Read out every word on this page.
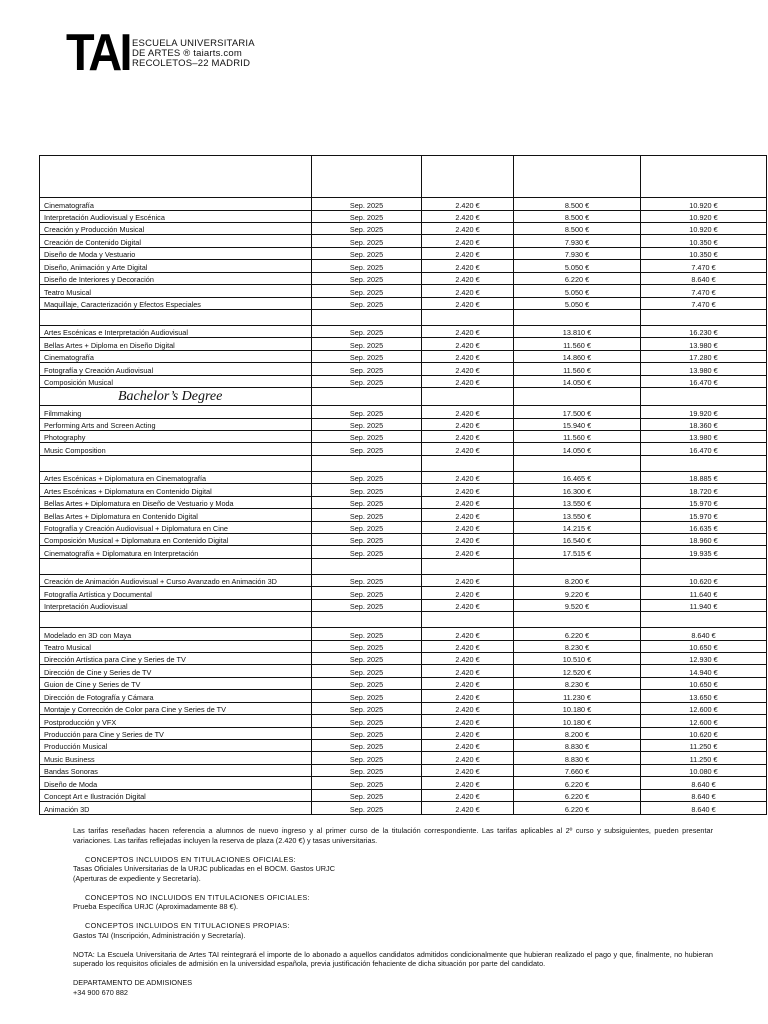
TAI ESCUELA UNIVERSITARIA
DE ARTES ® taiarts.com
RECOLETOS–22 MADRID

Cinematografía	Sep. 2025	2.420 €	8.500 €	10.920 €
Interpretación Audiovisual y Escénica	Sep. 2025	2.420 €	8.500 €	10.920 €
Creación y Producción Musical	Sep. 2025	2.420 €	8.500 €	10.920 €
Creación de Contenido Digital	Sep. 2025	2.420 €	7.930 €	10.350 €
Diseño de Moda y Vestuario	Sep. 2025	2.420 €	7.930 €	10.350 €
Diseño, Animación y Arte Digital	Sep. 2025	2.420 €	5.050 €	7.470 €
Diseño de Interiores y Decoración	Sep. 2025	2.420 €	6.220 €	8.640 €
Teatro Musical	Sep. 2025	2.420 €	5.050 €	7.470 €
Maquillaje, Caracterización y Efectos Especiales	Sep. 2025	2.420 €	5.050 €	7.470 €

Artes Escénicas e Interpretación Audiovisual	Sep. 2025	2.420 €	13.810 €	16.230 €
Bellas Artes + Diploma en Diseño Digital	Sep. 2025	2.420 €	11.560 €	13.980 €
Cinematografía	Sep. 2025	2.420 €	14.860 €	17.280 €
Fotografía y Creación Audiovisual	Sep. 2025	2.420 €	11.560 €	13.980 €
Composición Musical	Sep. 2025	2.420 €	14.050 €	16.470 €
Bachelor’s Degree				
Filmmaking	Sep. 2025	2.420 €	17.500 €	19.920 €
Performing Arts and Screen Acting	Sep. 2025	2.420 €	15.940 €	18.360 €
Photography	Sep. 2025	2.420 €	11.560 €	13.980 €
Music Composition	Sep. 2025	2.420 €	14.050 €	16.470 €

Artes Escénicas + Diplomatura en Cinematografía	Sep. 2025	2.420 €	16.465 €	18.885 €
Artes Escénicas + Diplomatura en Contenido Digital	Sep. 2025	2.420 €	16.300 €	18.720 €
Bellas Artes + Diplomatura en Diseño de Vestuario y Moda	Sep. 2025	2.420 €	13.550 €	15.970 €
Bellas Artes + Diplomatura en Contenido Digital	Sep. 2025	2.420 €	13.550 €	15.970 €
Fotografía y Creación Audiovisual + Diplomatura en Cine	Sep. 2025	2.420 €	14.215 €	16.635 €
Composición Musical + Diplomatura en Contenido Digital	Sep. 2025	2.420 €	16.540 €	18.960 €
Cinematografía + Diplomatura en Interpretación	Sep. 2025	2.420 €	17.515 €	19.935 €

Creación de Animación Audiovisual + Curso Avanzado en Animación 3D	Sep. 2025	2.420 €	8.200 €	10.620 €
Fotografía Artística y Documental	Sep. 2025	2.420 €	9.220 €	11.640 €
Interpretación Audiovisual	Sep. 2025	2.420 €	9.520 €	11.940 €

Modelado en 3D con Maya	Sep. 2025	2.420 €	6.220 €	8.640 €
Teatro Musical	Sep. 2025	2.420 €	8.230 €	10.650 €
Dirección Artística para Cine y Series de TV	Sep. 2025	2.420 €	10.510 €	12.930 €
Dirección de Cine y Series de TV	Sep. 2025	2.420 €	12.520 €	14.940 €
Guion de Cine y Series de TV	Sep. 2025	2.420 €	8.230 €	10.650 €
Dirección de Fotografía y Cámara	Sep. 2025	2.420 €	11.230 €	13.650 €
Montaje y Corrección de Color para Cine y Series de TV	Sep. 2025	2.420 €	10.180 €	12.600 €
Postproducción y VFX	Sep. 2025	2.420 €	10.180 €	12.600 €
Producción para Cine y Series de TV	Sep. 2025	2.420 €	8.200 €	10.620 €
Producción Musical	Sep. 2025	2.420 €	8.830 €	11.250 €
Music Business	Sep. 2025	2.420 €	8.830 €	11.250 €
Bandas Sonoras	Sep. 2025	2.420 €	7.660 €	10.080 €
Diseño de Moda	Sep. 2025	2.420 €	6.220 €	8.640 €
Concept Art e Ilustración Digital	Sep. 2025	2.420 €	6.220 €	8.640 €
Animación 3D	Sep. 2025	2.420 €	6.220 €	8.640 €

Las tarifas reseñadas hacen referencia a alumnos de nuevo ingreso y al primer curso de la titulación correspondiente. Las tarifas aplicables al 2º curso y subsiguientes, pueden presentar variaciones. Las tarifas reflejadas incluyen la reserva de plaza (2.420 €) y tasas universitarias.

CONCEPTOS INCLUIDOS EN TITULACIONES OFICIALES:

Tasas Oficiales Universitarias de la URJC publicadas en el BOCM. Gastos URJC

(Aperturas de expediente y Secretaría).

CONCEPTOS NO INCLUIDOS EN TITULACIONES OFICIALES:

Prueba Específica URJC (Aproximadamente 88 €).

CONCEPTOS INCLUIDOS EN TITULACIONES PROPIAS:

Gastos TAI (Inscripción, Administración y Secretaría).

NOTA: La Escuela Universitaria de Artes TAI reintegrará el importe de lo abonado a aquellos candidatos admitidos condicionalmente que hubieran realizado el pago y que, finalmente, no hubieran superado los requisitos oficiales de admisión en la universidad española, previa justificación fehaciente de dicha situación por parte del candidato.

DEPARTAMENTO DE ADMISIONES

+34 900 670 882
